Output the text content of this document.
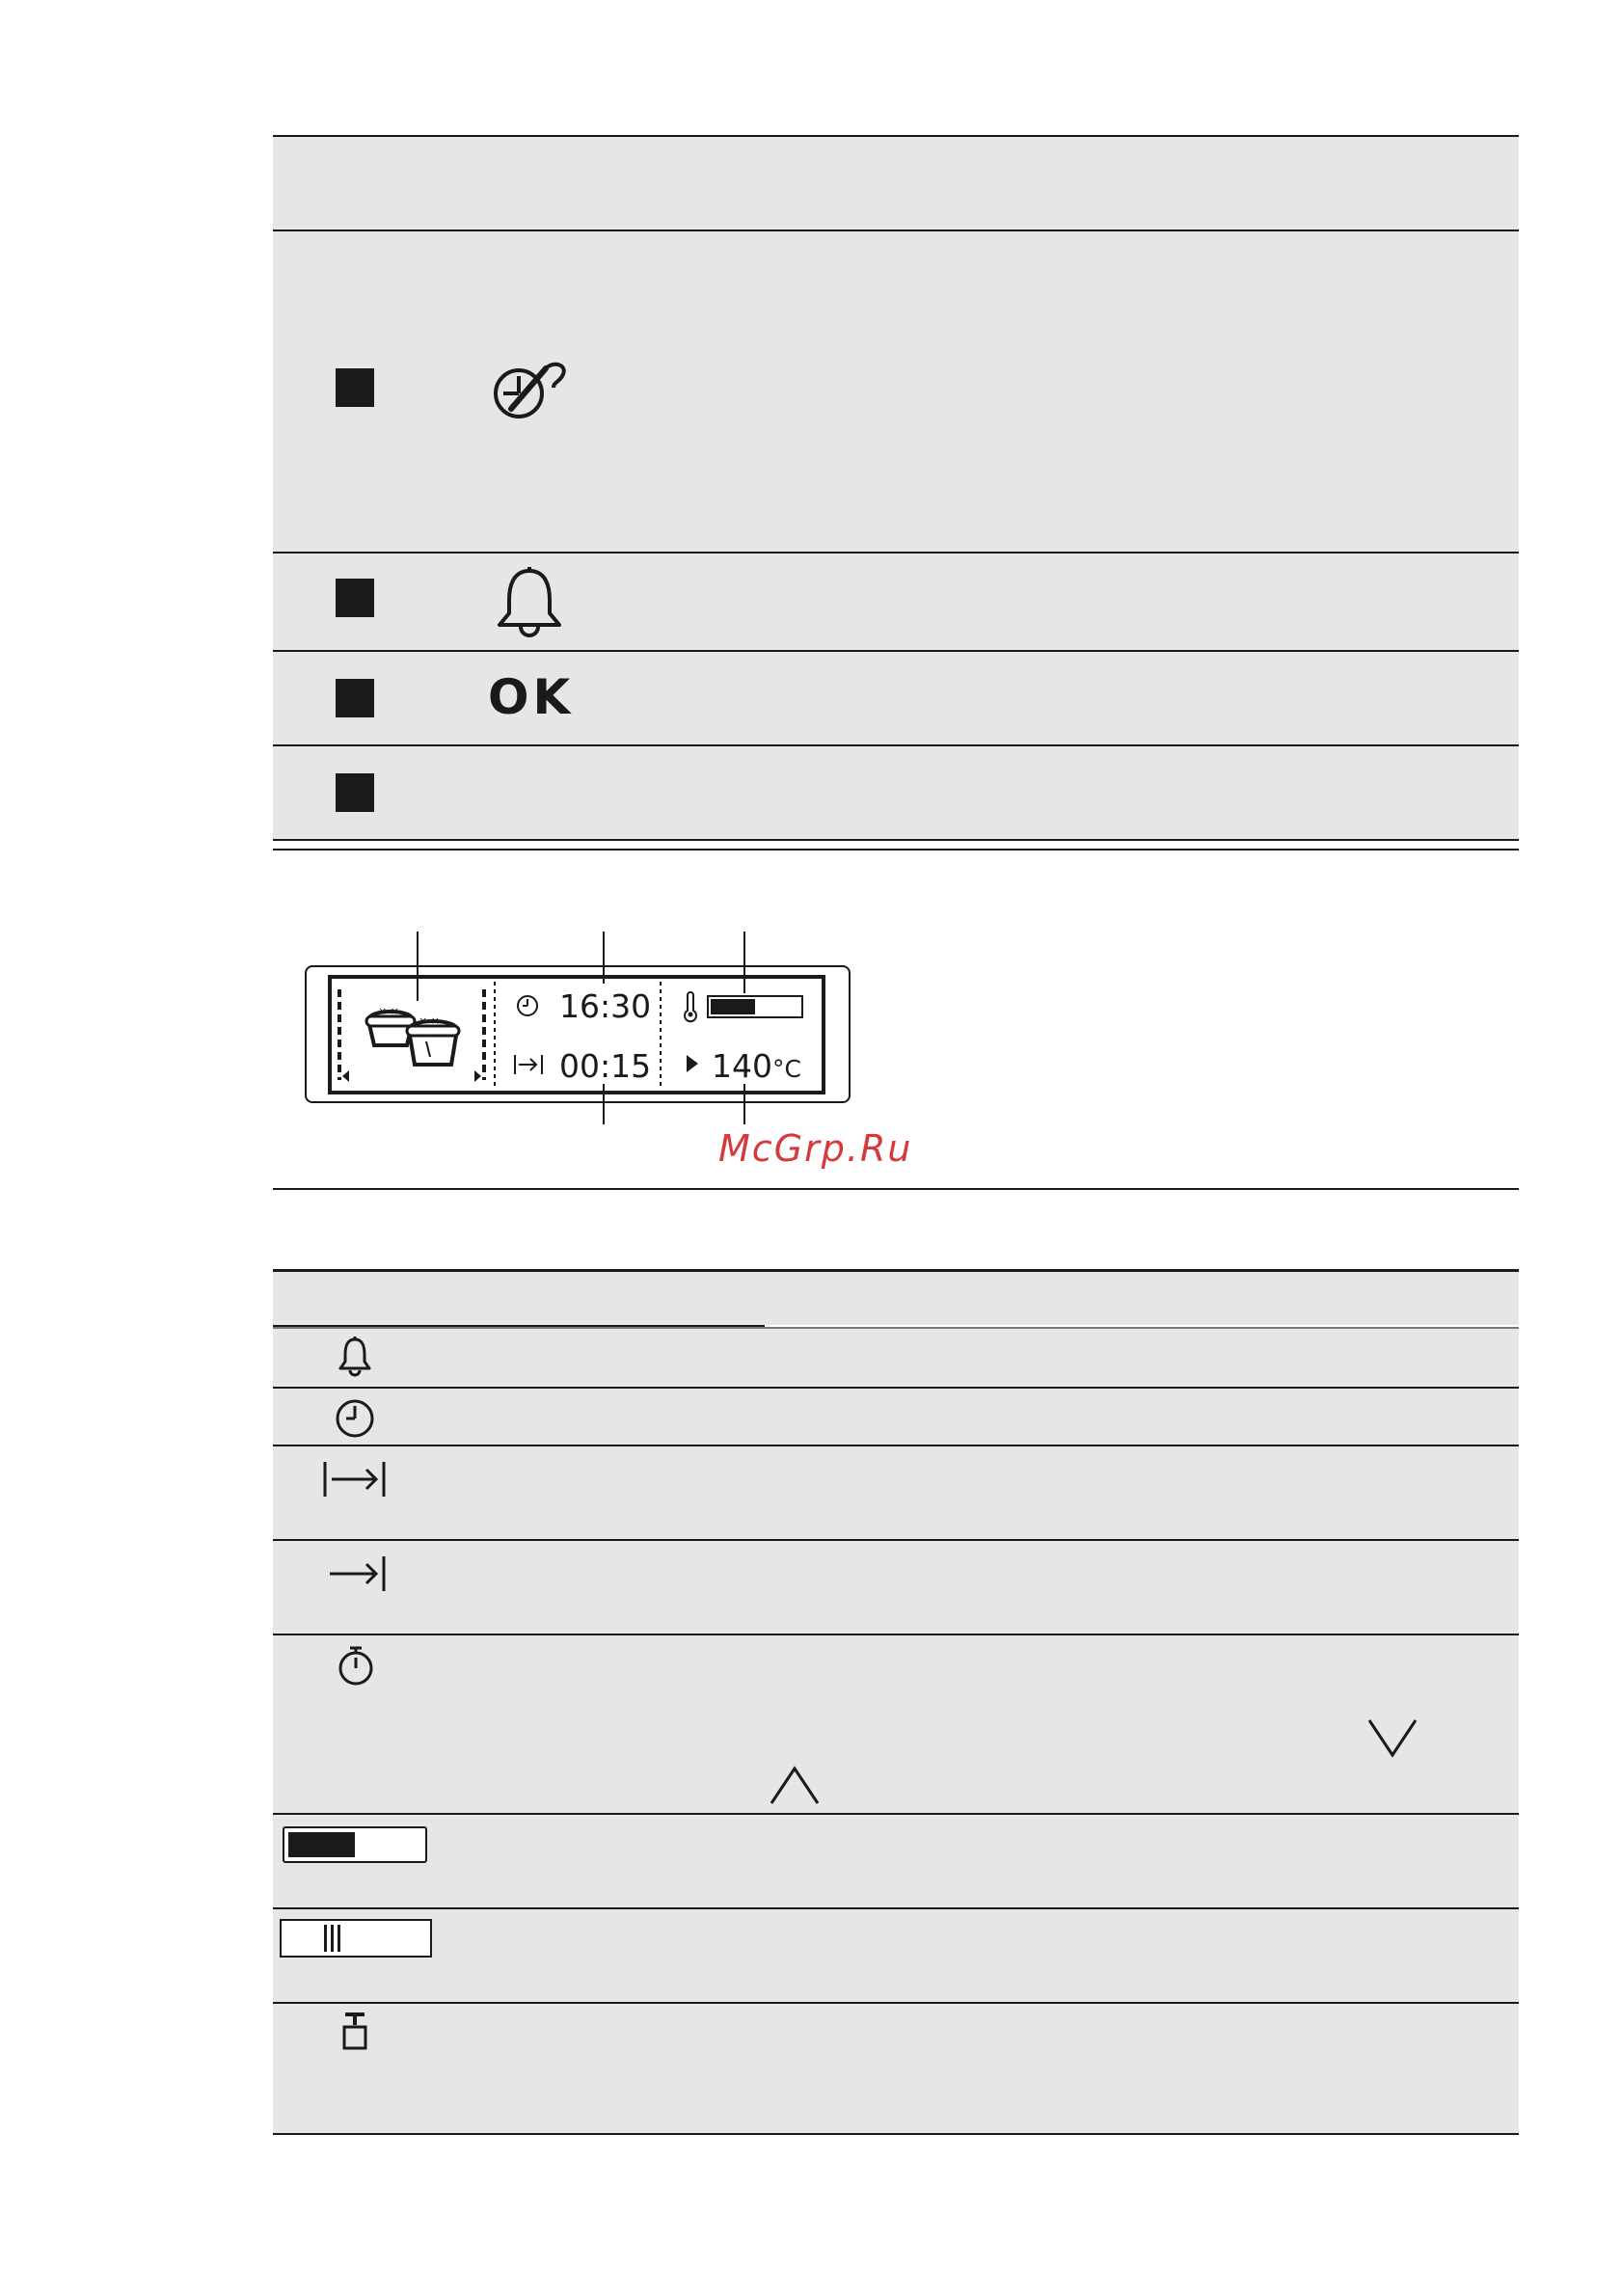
OK
× ×
× ×	16:30
00:15 140°C
McGrp.Ru
